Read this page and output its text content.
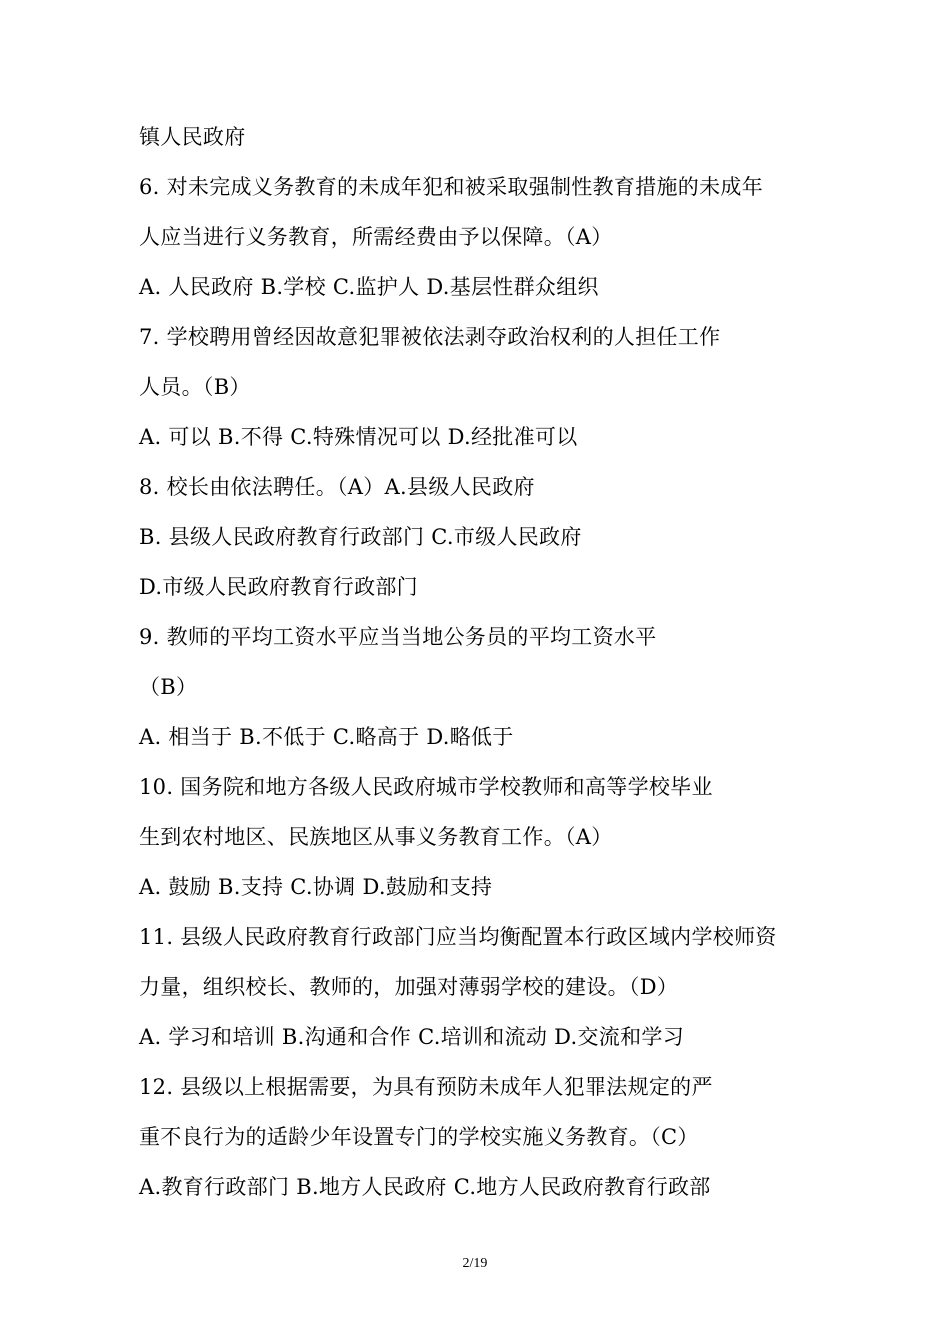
镇人民政府
6. 对未完成义务教育的未成年犯和被采取强制性教育措施的未成年
人应当进行义务教育，所需经费由予以保障。（A）
A. 人民政府 B.学校 C.监护人 D.基层性群众组织
7. 学校聘用曾经因故意犯罪被依法剥夺政治权利的人担任工作
人员。（B）
A. 可以 B.不得 C.特殊情况可以 D.经批准可以
8. 校长由依法聘任。（A）A.县级人民政府
B. 县级人民政府教育行政部门 C.市级人民政府
D.市级人民政府教育行政部门
9. 教师的平均工资水平应当当地公务员的平均工资水平
（B）
A. 相当于 B.不低于 C.略高于 D.略低于
10. 国务院和地方各级人民政府城市学校教师和高等学校毕业
生到农村地区、民族地区从事义务教育工作。（A）
A. 鼓励 B.支持 C.协调 D.鼓励和支持
11. 县级人民政府教育行政部门应当均衡配置本行政区域内学校师资
力量，组织校长、教师的，加强对薄弱学校的建设。（D）
A. 学习和培训 B.沟通和合作 C.培训和流动 D.交流和学习
12. 县级以上根据需要，为具有预防未成年人犯罪法规定的严
重不良行为的适龄少年设置专门的学校实施义务教育。（C）
A.教育行政部门 B.地方人民政府 C.地方人民政府教育行政部
2/19
